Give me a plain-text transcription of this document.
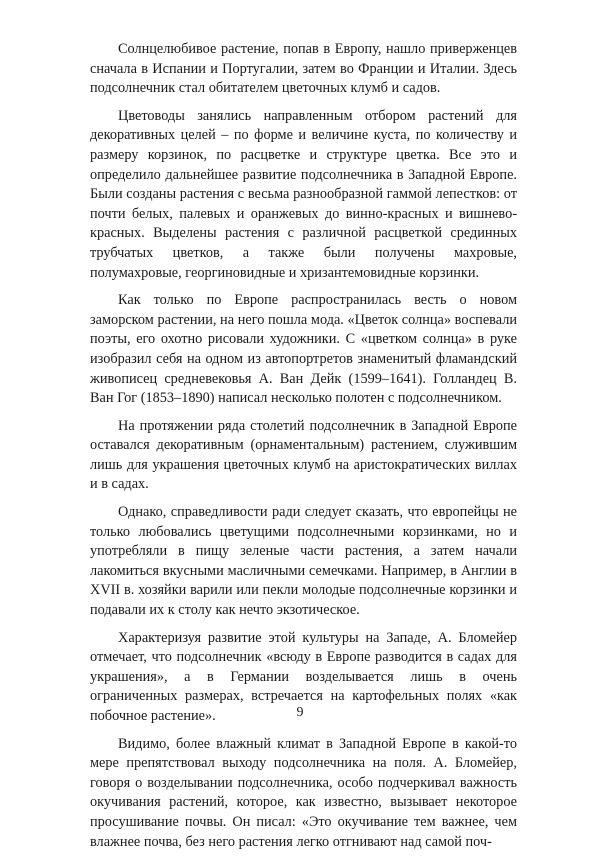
Солнцелюбивое растение, попав в Европу, нашло приверженцев сначала в Испании и Португалии, затем во Франции и Италии. Здесь подсолнечник стал обитателем цветочных клумб и садов.

Цветоводы занялись направленным отбором растений для декоративных целей – по форме и величине куста, по количеству и размеру корзинок, по расцветке и структуре цветка. Все это и определило дальнейшее развитие подсолнечника в Западной Европе. Были созданы растения с весьма разнообразной гаммой лепестков: от почти белых, палевых и оранжевых до винно-красных и вишнево-красных. Выделены растения с различной расцветкой срединных трубчатых цветков, а также были получены махровые, полумахровые, георгиновидные и хризантемовидные корзинки.

Как только по Европе распространилась весть о новом заморском растении, на него пошла мода. «Цветок солнца» воспевали поэты, его охотно рисовали художники. С «цветком солнца» в руке изобразил себя на одном из автопортретов знаменитый фламандский живописец средневековья А. Ван Дейк (1599–1641). Голландец В. Ван Гог (1853–1890) написал несколько полотен с подсолнечником.

На протяжении ряда столетий подсолнечник в Западной Европе оставался декоративным (орнаментальным) растением, служившим лишь для украшения цветочных клумб на аристократических виллах и в садах.

Однако, справедливости ради следует сказать, что европейцы не только любовались цветущими подсолнечными корзинками, но и употребляли в пищу зеленые части растения, а затем начали лакомиться вкусными масличными семечками. Например, в Англии в XVII в. хозяйки варили или пекли молодые подсолнечные корзинки и подавали их к столу как нечто экзотическое.

Характеризуя развитие этой культуры на Западе, А. Бломейер отмечает, что подсолнечник «всюду в Европе разводится в садах для украшения», а в Германии возделывается лишь в очень ограниченных размерах, встречается на картофельных полях «как побочное растение».

Видимо, более влажный климат в Западной Европе в какой-то мере препятствовал выходу подсолнечника на поля. А. Бломейер, говоря о возделывании подсолнечника, особо подчеркивал важность окучивания растений, которое, как известно, вызывает некоторое просушивание почвы. Он писал: «Это окучивание тем важнее, чем влажнее почва, без него растения легко отгнивают над самой поч-

9
